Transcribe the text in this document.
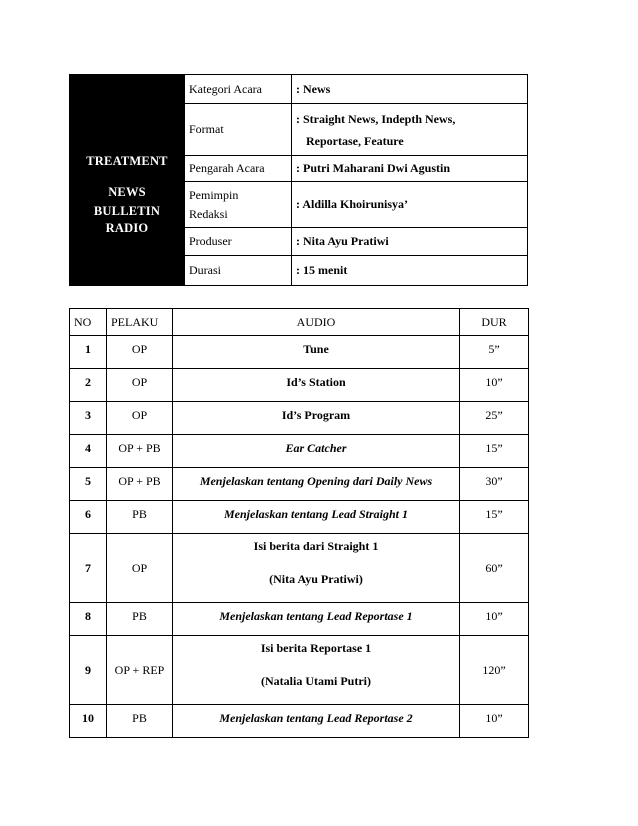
TREATMENT
NEWS BULLETIN
RADIO	Kategori Acara	: News
	Format	: Straight News, Indepth News,
Reportase, Feature

	Pengarah Acara	: Putri Maharani Dwi Agustin

	Pemimpin
Redaksi	: Aldilla Khoirunisya’
	Produser	: Nita Ayu Pratiwi
	Durasi	: 15 menit
NO	PELAKU	AUDIO	DUR
1	OP	Tune	5”
2	OP	Id’s Station	10”
3	OP	Id’s Program	25”
4	OP + PB	Ear Catcher	15”
5	OP + PB	Menjelaskan tentang Opening dari Daily News	30”
6	PB	Menjelaskan tentang Lead Straight 1	15”
7	OP	Isi berita dari Straight 1
(Nita Ayu Pratiwi)	60”
8	PB	Menjelaskan tentang Lead Reportase 1	10”
9	OP + REP	Isi berita Reportase 1
(Natalia Utami Putri)	120”
10	PB	Menjelaskan tentang Lead Reportase 2	10”
